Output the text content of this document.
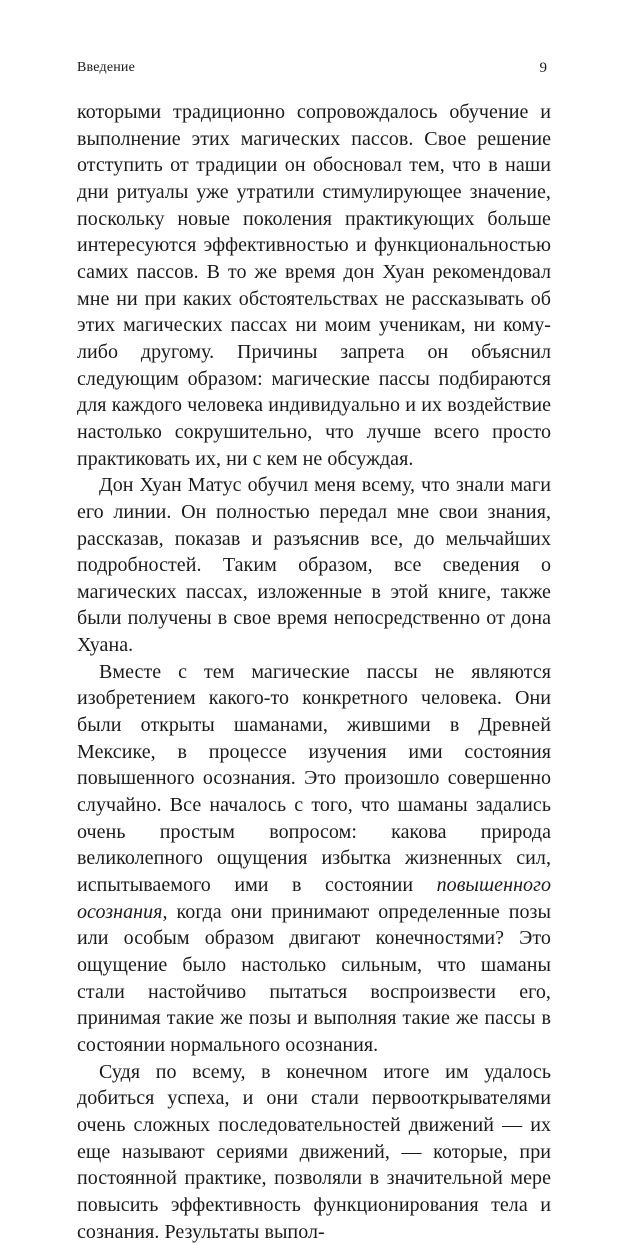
Введение	9

которыми традиционно сопровождалось обучение и выполнение этих магических пассов. Свое решение отступить от традиции он обосновал тем, что в наши дни ритуалы уже утратили стимулирующее значение, поскольку новые поколения практикующих больше интересуются эффективностью и функциональностью самих пассов. В то же время дон Хуан рекомендовал мне ни при каких обстоятельствах не рассказывать об этих магических пассах ни моим ученикам, ни кому-либо другому. Причины запрета он объяснил следующим образом: магические пассы подбираются для каждого человека индивидуально и их воздействие настолько сокрушительно, что лучше всего просто практиковать их, ни с кем не обсуждая.

Дон Хуан Матус обучил меня всему, что знали маги его линии. Он полностью передал мне свои знания, рассказав, показав и разъяснив все, до мельчайших подробностей. Таким образом, все сведения о магических пассах, изложенные в этой книге, также были получены в свое время непосредственно от дона Хуана.

Вместе с тем магические пассы не являются изобретением какого-то конкретного человека. Они были открыты шаманами, жившими в Древней Мексике, в процессе изучения ими состояния повышенного осознания. Это произошло совершенно случайно. Все началось с того, что шаманы задались очень простым вопросом: какова природа великолепного ощущения избытка жизненных сил, испытываемого ими в состоянии повышенного осознания, когда они принимают определенные позы или особым образом двигают конечностями? Это ощущение было настолько сильным, что шаманы стали настойчиво пытаться воспроизвести его, принимая такие же позы и выполняя такие же пассы в состоянии нормального осознания.

Судя по всему, в конечном итоге им удалось добиться успеха, и они стали первооткрывателями очень сложных последовательностей движений — их еще называют сериями движений, — которые, при постоянной практике, позволяли в значительной мере повысить эффективность функционирования тела и сознания. Результаты выпол-
